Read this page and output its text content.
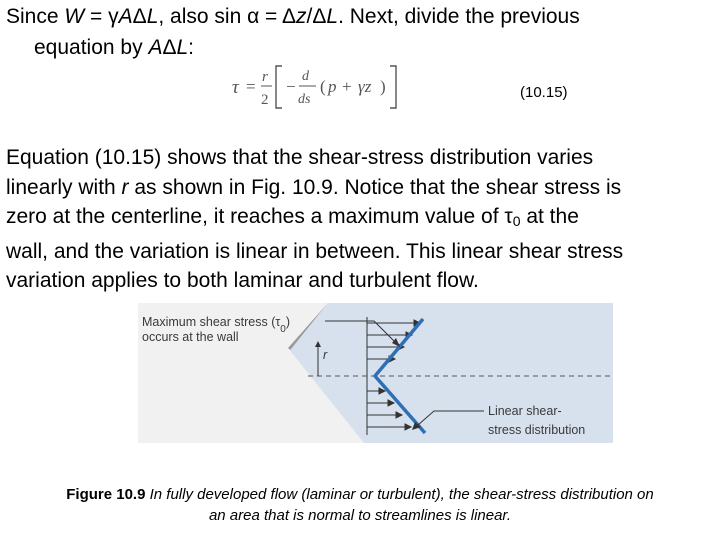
Since W = γAΔL, also sin α = Δz/ΔL. Next, divide the previous
equation by AΔL:
τ = r
2
−
d
ds
( p + γz )	(10.15)
Equation (10.15) shows that the shear-stress distribution varies
linearly with r as shown in Fig. 10.9. Notice that the shear stress is
zero at the centerline, it reaches a maximum value of $\tau_0$ at the
wall, and the variation is linear in between. This linear shear stress
variation applies to both laminar and turbulent flow.
r
Maximum shear stress $(\tau_0)$
occurs at the wall
Linear shear-
stress distribution
Figure 10.9 In fully developed flow (laminar or turbulent), the shear-stress distribution on
an area that is normal to streamlines is linear.
